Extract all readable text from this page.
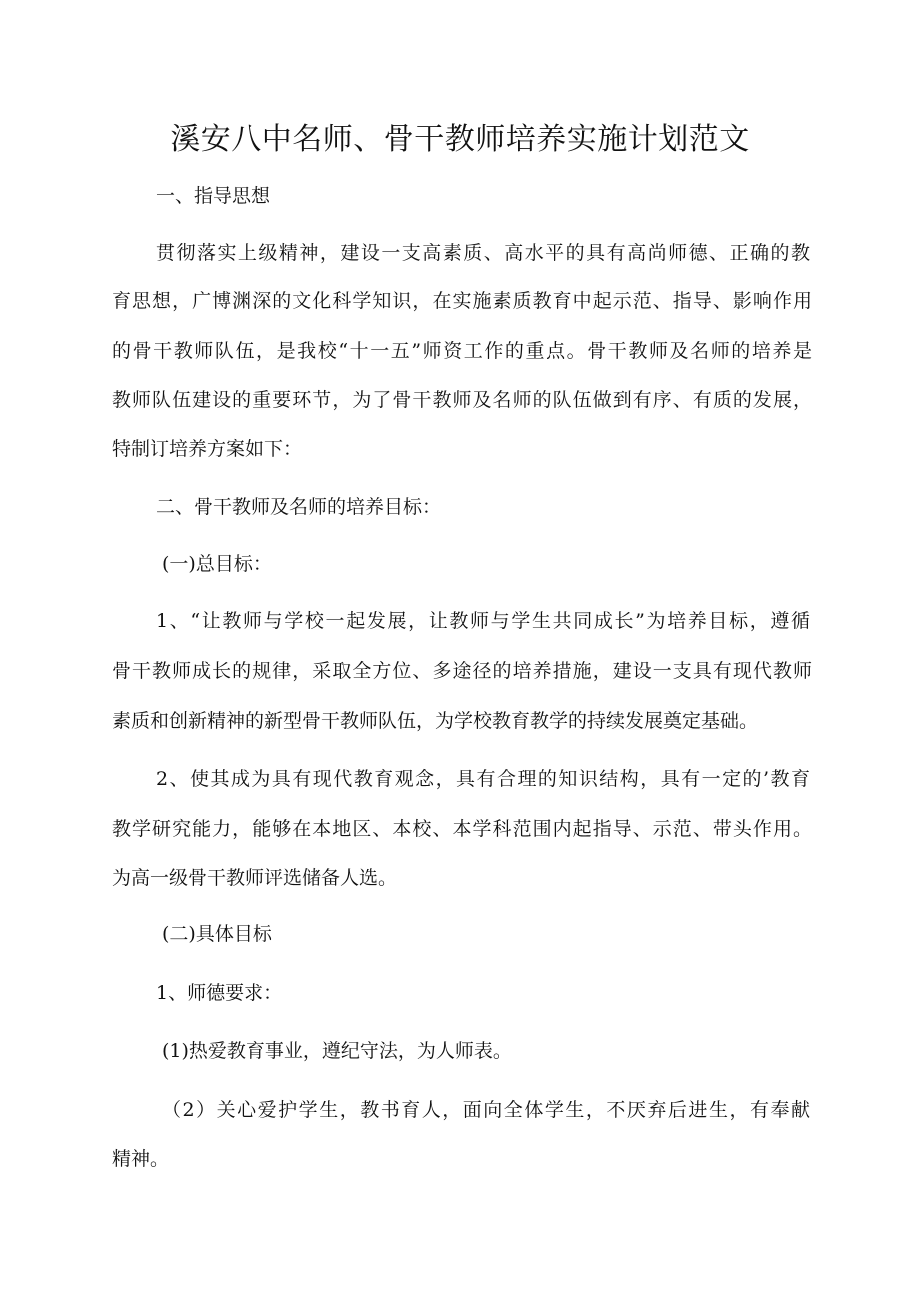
溪安八中名师、骨干教师培养实施计划范文

一、指导思想

贯彻落实上级精神，建设一支高素质、高水平的具有高尚师德、正确的教

育思想，广博渊深的文化科学知识，在实施素质教育中起示范、指导、影响作用

的骨干教师队伍，是我校“十一五”师资工作的重点。骨干教师及名师的培养是

教师队伍建设的重要环节，为了骨干教师及名师的队伍做到有序、有质的发展，

特制订培养方案如下：

二、骨干教师及名师的培养目标：

(一)总目标：

1、“让教师与学校一起发展，让教师与学生共同成长”为培养目标，遵循

骨干教师成长的规律，采取全方位、多途径的培养措施，建设一支具有现代教师

素质和创新精神的新型骨干教师队伍，为学校教育教学的持续发展奠定基础。

2、使其成为具有现代教育观念，具有合理的知识结构，具有一定的’教育

教学研究能力，能够在本地区、本校、本学科范围内起指导、示范、带头作用。

为高一级骨干教师评选储备人选。

(二)具体目标

1、师德要求：

(1)热爱教育事业，遵纪守法，为人师表。

（2）关心爱护学生，教书育人，面向全体学生，不厌弃后进生，有奉献

精神。
